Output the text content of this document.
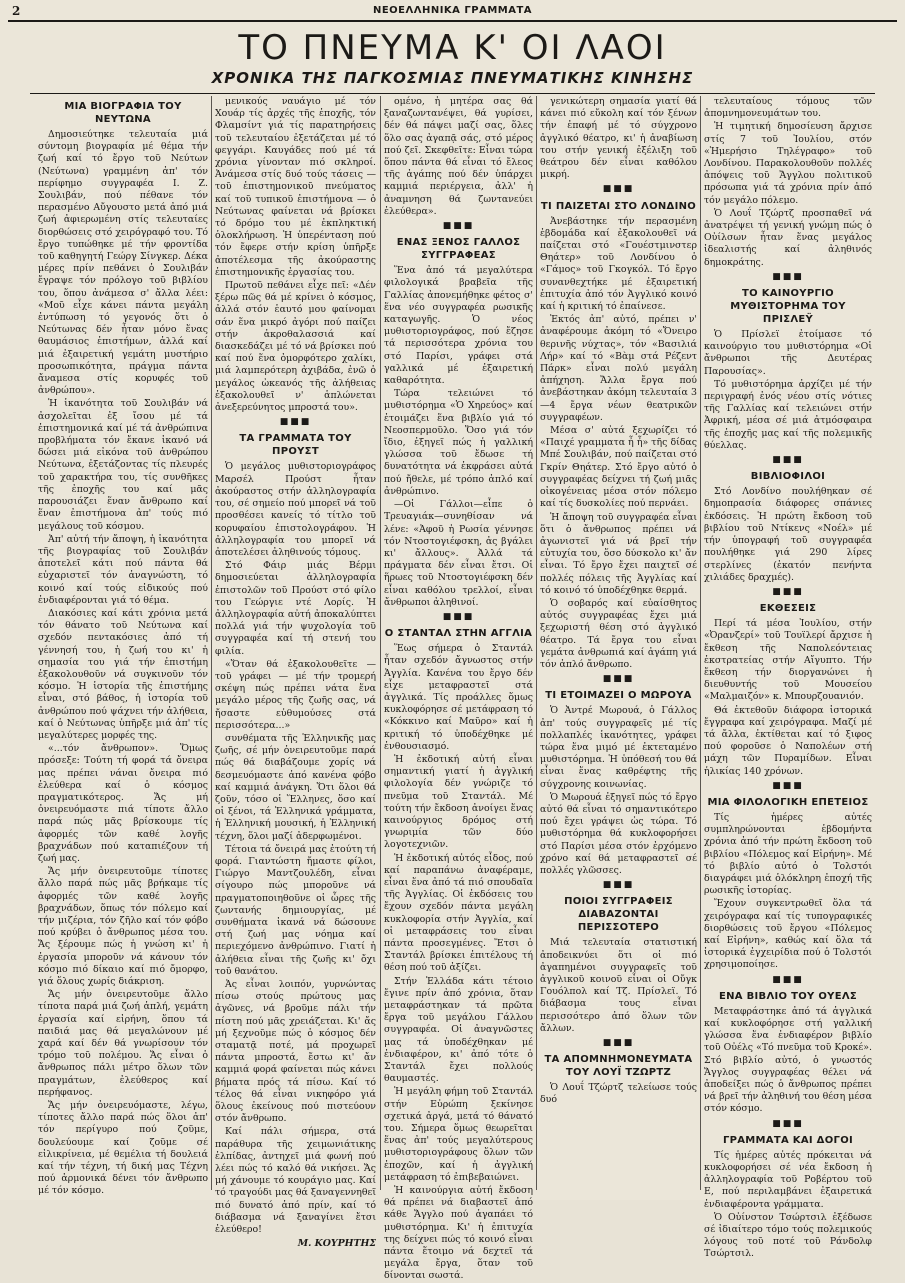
2	ΝΕΟΕΛΛΗΝΙΚΑ ΓΡΑΜΜΑΤΑ
ΤΟ ΠΝΕΥΜΑ Κ' ΟΙ ΛΑΟΙ
ΧΡΟΝΙΚΑ ΤΗΣ ΠΑΓΚΟΣΜΙΑΣ ΠΝΕΥΜΑΤΙΚΗΣ ΚΙΝΗΣΗΣ
ΜΙΑ ΒΙΟΓΡΑΦΙΑ ΤΟΥ ΝΕΥΤΩΝΑ

Δημοσιεύτηκε τελευταία μιά σύντομη βιογραφία μέ θέμα τήν ζωή καί τό ἔργο τοῦ Νεύτων (Νεύτωνα) γραμμένη ἀπ' τόν περίφημο συγγραφέα Ι. Ζ. Σουλιβάν, πού πέθανε τόν περασμένο Αὔγουστο μετά ἀπό μιά ζωή ἀφιερωμένη στίς τελευταίες διορθώσεις στό χειρόγραφό του. Τό ἔργο τυπώθηκε μέ τήν φροντίδα τοῦ καθηγητή Γεώργ Σίνγκερ. Δέκα μέρες πρίν πεθάνει ὁ Σουλιβάν ἔγραψε τόν πρόλογο τοῦ βιβλίου του, ὅπου ἀνάμεσα σ' ἄλλα λέει: «Μοῦ εἶχε κάνει πάντα μεγάλη ἐντύπωση τό γεγονός ὅτι ὁ Νεύτωνας δέν ἦταν μόνο ἕνας θαυμάσιος ἐπιστήμων, ἀλλά καί μιά ἐξαιρετική γεμάτη μυστήριο προσωπικότητα, πράγμα πάντα ἄναμεσα στίς κορυφές τοῦ ἀνθρώπου».

Ἡ ἱκανότητα τοῦ Σουλιβάν νά ἀσχολεῖται ἐξ ἴσου μέ τά ἐπιστημονικά καί μέ τά ἀνθρώπινα προβλήματα τόν ἔκανε ἱκανό νά δώσει μιά εἰκόνα τοῦ ἀνθρώπου Νεύτωνα, ἐξετάζοντας τίς πλευρές τοῦ χαρακτήρα του, τίς συνθῆκες τῆς ἐποχῆς του καί μᾶς παρουσιάζει ἕναν ἄνθρωπο καί ἕναν ἐπιστήμονα ἀπ' τούς πιό μεγάλους τοῦ κόσμου.

Ἀπ' αὐτή τήν ἄποψη, ἡ ἱκανότητα τῆς βιογραφίας τοῦ Σουλιβάν ἀποτελεῖ κάτι πού πάντα θά εὐχαριστεῖ τόν ἀναγνώστη, τό κοινό καί τούς εἰδικούς πού ἐνδιαφέρονται γιά τό θέμα.

Διακόσιες καί κάτι χρόνια μετά τόν θάνατο τοῦ Νεύτωνα καί σχεδόν πεντακόσιες ἀπό τή γέννησή του, ἡ ζωή του κι' ἡ σημασία του γιά τήν ἐπιστήμη ἐξακολουθοῦν νά συγκινοῦν τόν κόσμο. Ἡ ἱστορία τῆς ἐπιστήμης εἶναι, στό βάθος, ἡ ἱστορία τοῦ ἀνθρώπου πού ψάχνει τήν ἀλήθεια, καί ὁ Νεύτωνας ὑπῆρξε μιά ἀπ' τίς μεγαλύτερες μορφές της.

«...τόν ἄνθρωπον». Ὅμως πρόσεξε: Τούτη τή φορά τά ὄνειρα μας πρέπει νάναι ὄνειρα πιό ἐλεύθερα καί ὁ κόσμος πραγματικότερος. Ἄς μή ὀνειρευόμαστε πιά τίποτε ἄλλο παρά πώς μᾶς βρίσκουμε τίς ἀφορμές τῶν καθέ λογῆς βραχνάδων πού καταπιέζουν τή ζωή μας.

Ἄς μήν ὀνειρευτοῦμε τίποτες ἄλλο παρά πώς μᾶς βρήκαμε τίς ἀφορμές τῶν καθέ λογῆς βραχνάδων, ὅπως τόν πόλεμο καί τήν μιζέρια, τόν ζῆλο καί τόν φόβο πού κρύβει ὁ ἄνθρωπος μέσα του. Ἄς ξέρουμε πώς ἡ γνώση κι' ἡ ἐργασία μποροῦν νά κάνουν τόν κόσμο πιό δίκαιο καί πιό ὄμορφο, γιά ὅλους χωρίς διάκριση.

Ἄς μήν ὀνειρευτοῦμε ἄλλο τίποτα παρά μιά ζωή ἁπλή, γεμάτη ἐργασία καί εἰρήνη, ὅπου τά παιδιά μας θά μεγαλώνουν μέ χαρά καί δέν θά γνωρίσουν τόν τρόμο τοῦ πολέμου. Ἄς εἶναι ὁ ἄνθρωπος πάλι μέτρο ὅλων τῶν πραγμάτων, ἐλεύθερος καί περήφανος.

Ἄς μήν ὀνειρευόμαστε, λέγω, τίποτες ἄλλο παρά πώς ὅλοι ἀπ' τόν περίγυρο πού ζοῦμε, δουλεύουμε καί ζοῦμε σέ εἰλικρίνεια, μέ θεμέλια τή δουλειά καί τήν τέχνη, τή δική μας Τέχνη πού ἁρμονικά δένει τόν ἄνθρωπο μέ τόν κόσμο.

μενικούς ναυάγιο μέ τόν Χουάρ τίς ἀρχές τῆς ἐποχῆς, τόν Φλαμσίντ γιά τίς παρατηρήσεις τοῦ τελευταίου ἐξετάζεται μέ τό φεγγάρι. Καυγάδες πού μέ τά χρόνια γίνονταν πιό σκληροί. Ἀνάμεσα στίς δυό τούς τάσεις — τοῦ ἐπιστημονικοῦ πνεύματος καί τοῦ τυπικοῦ ἐπιστήμονα — ὁ Νεύτωνας φαίνεται νά βρίσκει τό δρόμο του μέ ἐκπληκτική ὁλοκλήρωση. Ἡ ὑπερένταση πού τόν ἔφερε στήν κρίση ὑπῆρξε ἀποτέλεσμα τῆς ἀκούραστης ἐπιστημονικῆς ἐργασίας του.

Πρωτοῦ πεθάνει εἶχε πεῖ: «Δέν ξέρω πῶς θά μέ κρίνει ὁ κόσμος, ἀλλά στόν ἑαυτό μου φαίνομαι σάν ἕνα μικρό ἀγόρι πού παίζει στήν ἀκροθαλασσιά καί διασκεδάζει μέ τό νά βρίσκει πού καί πού ἕνα ὀμορφότερο χαλίκι, μιά λαμπερότερη ἀχιβάδα, ἐνῶ ὁ μεγάλος ὠκεανός τῆς ἀλήθειας ἐξακολουθεῖ ν' ἁπλώνεται ἀνεξερεύνητος μπροστά του».

■■■
ΤΑ ΓΡΑΜΜΑΤΑ ΤΟΥ ΠΡΟΥΣΤ

Ὁ μεγάλος μυθιστοριογράφος Μαρσέλ Προύστ ἦταν ἀκούραστος στήν ἀλληλογραφία του, σέ σημείο πού μπορεῖ νά τοῦ προσθέσει κανείς τό τίτλο τοῦ κορυφαίου ἐπιστολογράφου. Ἡ ἀλληλογραφία του μπορεῖ νά ἀποτελέσει ἀληθινούς τόμους.

Στό Φάιρ μιάς Βέρμι δημοσιεύεται ἀλληλογραφία ἐπιστολῶν τοῦ Προύστ στό φίλο του Γεώργιε ντέ Λορίς. Ἡ ἀλληλογραφία αὐτή ἀποκαλύπτει πολλά γιά τήν ψυχολογία τοῦ συγγραφέα καί τή στενή του φιλία.

«Ὅταν θά ἐξακολουθεῖτε — τοῦ γράφει — μέ τήν τρομερή σκέψη πώς πρέπει νάτα ἕνα μεγάλο μέρος τῆς ζωῆς σας, νά ἤσαστε εὐθυμούσες στά περισσότερα...»

συνθέματα τῆς Ἑλληνικῆς μας ζωῆς, σέ μήν ὀνειρευτοῦμε παρά πώς θά διαβάζουμε χορίς νά δεσμευόμαστε ἀπό κανένα φόβο καί καμμιά ἀνάγκη. Ὅτι ὅλοι θά ζοῦν, τόσο οἱ Ἕλληνες, ὅσο καί οἱ ξένοι, τά Ἑλληνικά γράμματα, ἡ Ἑλληνική μουσική, ἡ Ἑλληνική τέχνη, ὅλοι μαζί ἀδερφωμένοι.

Τέτοια τά ὄνειρά μας ἐτούτη τή φορά. Γιαντώστη ἤμαστε φίλοι, Γιώργο Μαντζουλέδη, εἶναι σίγουρο πώς μποροῦνε νά πραγματοποιηθοῦνε οἱ ὧρες τῆς ζωντανής δημιουργίας, μέ συνθήματα ἱκανά νά δώσουνε στή ζωή μας νόημα καί περιεχόμενο ἀνθρώπινο. Γιατί ἡ ἀλήθεια εἶναι τῆς ζωῆς κι' ὄχι τοῦ θανάτου.

Ἀς εἶναι λοιπόν, γυρνώντας πίσω στούς πρώτους μας ἀγῶνες, νά βροῦμε πάλι τήν πίστη πού μᾶς χρειάζεται. Κι' ἄς μή ξεχνοῦμε πώς ὁ κόσμος δέν σταματᾷ ποτέ, μά προχωρεῖ πάντα μπροστά, ἔστω κι' ἄν καμμιά φορά φαίνεται πώς κάνει βήματα πρός τά πίσω. Καί τό τέλος θά εἶναι νικηφόρο γιά ὅλους ἐκείνους πού πιστεύουν στόν ἄνθρωπο.

Καί πάλι σήμερα, στά παράθυρα τῆς χειμωνιάτικης ἐλπίδας, ἀντηχεῖ μιά φωνή πού λέει πώς τό καλό θά νικήσει. Ἄς μή χάνουμε τό κουράγιο μας. Καί τό τραγούδι μας θά ξαναγεννηθεῖ πιό δυνατό ἀπό πρίν, καί τό διάβασμα νά ξαναγίνει ἔτσι ἐλεύθερο!

Μ. ΚΟΥΡΗΤΗΣ

ομένο, ἡ μητέρα σας θά ξαναζωντανέψει, θά γυρίσει, δέν θά πάψει μαζί σας, ὅλες ὅλο σας ἀγαπᾷ σάς, στό μέρος πού ζεῖ. Σκεφθεῖτε: Εἶναι τώρα ὅπου πάντα θά εἶναι τό ἔλεος τῆς ἀγάπης πού δέν ὑπάρχει καμμιά περιέργεια, ἀλλ' ἡ ἀναμνηση θά ζωντανεύει ἐλεύθερα».

■■■
ΕΝΑΣ ΞΕΝΟΣ ΓΑΛΛΟΣ ΣΥΓΓΡΑΦΕΑΣ

Ἕνα ἀπό τά μεγαλύτερα φιλολογικά βραβεῖα τῆς Γαλλίας ἀπονεμήθηκε φέτος σ' ἕνα νέο συγγραφέα ρωσικῆς καταγωγῆς. Ὁ νέος μυθιστοριογράφος, πού ἔζησε τά περισσότερα χρόνια του στό Παρίσι, γράφει στά γαλλικά μέ ἐξαιρετική καθαρότητα.

Τώρα τελειώνει τό μυθιστόρημα «Ὁ Χηρεύος» καί ἑτοιμάζει ἕνα βιβλίο γιά τό Νεοσπερμοῦλο. Ὅσο γιά τόν ἴδιο, ἐξηγεῖ πώς ἡ γαλλική γλώσσα τοῦ ἔδωσε τή δυνατότητα νά ἐκφράσει αὐτά πού ἤθελε, μέ τρόπο ἁπλό καί ἀνθρώπινο.

—Οἱ Γάλλοι—εἶπε ὁ Τρευαγιάκ—συνηθίσαν νά λένε: «Ἀφοῦ ἡ Ρωσία γέννησε τόν Ντοστογιέφσκη, ἀς βγάλει κι' ἄλλους». Ἀλλά τά πράγματα δέν εἶναι ἔτσι. Οἱ ἥρωες τοῦ Ντοστογιέφσκη δέν εἶναι καθόλου τρελλοί, εἶναι ἄνθρωποι ἀληθινοί.

■■■
Ο ΣΤΑΝΤΑΛ ΣΤΗΝ ΑΓΓΛΙΑ

Ἕως σήμερα ὁ Σταντάλ ἦταν σχεδόν ἄγνωστος στήν Ἀγγλία. Κανένα του ἔργο δέν εἶχε μεταφραστεῖ στά ἀγγλικά. Τίς προάλλες ὅμως κυκλοφόρησε σέ μετάφραση τό «Κόκκινο καί Μαῦρο» καί ἡ κριτική τό ὑποδέχθηκε μέ ἐνθουσιασμό.

Ἡ ἐκδοτική αὐτή εἶναι σημαντική γιατί ἡ ἀγγλική φιλολογία δέν γνώριζε τό πνεῦμα τοῦ Σταντάλ. Μέ τούτη τήν ἔκδοση ἀνοίγει ἕνας καινούργιος δρόμος στή γνωριμία τῶν δύο λογοτεχνιῶν.

Ἡ ἐκδοτική αὐτός εἶδος, πού καί παραπάνω ἀναφέραμε, εἶναι ἕνα ἀπό τά πιό σπουδαῖα τῆς Ἀγγλίας. Οἱ ἐκδόσεις του ἔχουν σχεδόν πάντα μεγάλη κυκλοφορία στήν Ἀγγλία, καί οἱ μεταφράσεις του εἶναι πάντα προσεγμένες. Ἔτσι ὁ Σταντάλ βρίσκει ἐπιτέλους τή θέση πού τοῦ ἀξίζει.

Στήν Ἑλλάδα κάτι τέτοιο ἔγινε πρίν ἀπό χρόνια, ὅταν μεταφράστηκαν τά πρῶτα ἔργα τοῦ μεγάλου Γάλλου συγγραφέα. Οἱ ἀναγνῶστες μας τά ὑποδέχθηκαν μέ ἐνδιαφέρον, κι' ἀπό τότε ὁ Σταντάλ ἔχει πολλούς θαυμαστές.

Ἡ μεγάλη φήμη τοῦ Σταντάλ στήν Εὐρώπη ξεκίνησε σχετικά ἀργά, μετά τό θάνατό του. Σήμερα ὅμως θεωρεῖται ἕνας ἀπ' τούς μεγαλύτερους μυθιστοριογράφους ὅλων τῶν ἐποχῶν, καί ἡ ἀγγλική μετάφραση τό ἐπιβεβαιώνει.

Ἡ καινούργια αὐτή ἔκδοση θά πρέπει νά διαβαστεῖ ἀπό κάθε Ἄγγλο πού ἀγαπάει τό μυθιστόρημα. Κι' ἡ ἐπιτυχία της δείχνει πώς τό κοινό εἶναι πάντα ἕτοιμο νά δεχτεῖ τά μεγάλα ἔργα, ὅταν τοῦ δίνονται σωστά.

γενικώτερη σημασία γιατί θά κάνει πιό εὔκολη καί τόν ξένων τήν ἐπαφή μέ τό σύγχρονο ἀγγλικό θέατρο, κι' ἡ ἀναβίωση του στήν γενική ἐξέλιξη τοῦ θεάτρου δέν εἶναι καθόλου μικρή.

■■■
ΤΙ ΠΑΙΖΕΤΑΙ ΣΤΟ ΛΟΝΔΙΝΟ

Ἀνεβάστηκε τήν περασμένη ἑβδομάδα καί ἐξακολουθεῖ νά παίζεται στό «Γουέστμινστερ Θηάτερ» τοῦ Λονδίνου ὁ «Γάμος» τοῦ Γκογκόλ. Τό ἔργο συνανθεχτήκε μέ ἐξαιρετική ἐπιτυχία ἀπό τόν Ἀγγλικό κοινό καί ἡ κριτική τό ἐπαίνεσε.

Ἐκτός ἀπ' αὐτό, πρέπει ν' ἀναφέρουμε ἀκόμη τό «Ὄνειρο θερινῆς νύχτας», τόν «Βασιλιά Λήρ» καί τό «Βὰμ στά Ρέζεντ Πάρκ» εἶναι πολύ μεγάλη ἀπήχηση. Ἄλλα ἔργα πού ἀνεβάστηκαν ἀκόμη τελευταία 3—4 ἔργα νέων θεατρικῶν συγγραφέων.

Μέσα σ' αὐτά ξεχωρίζει τό «Παιχέ γραμματα ἦ ἦ» τῆς δίδας Μπέ Σουλιβάν, πού παίζεται στό Γκρίν Θηάτερ. Στό ἔργο αὐτό ὁ συγγραφέας δείχνει τή ζωή μιᾶς οἰκογένειας μέσα στόν πόλεμο καί τίς δυσκολίες πού περνάει.

Ἡ ἄποψη τοῦ συγγραφέα εἶναι ὅτι ὁ ἄνθρωπος πρέπει νά ἀγωνιστεῖ γιά νά βρεῖ τήν εὐτυχία του, ὅσο δύσκολο κι' ἄν εἶναι. Τό ἔργο ἔχει παιχτεῖ σέ πολλές πόλεις τῆς Ἀγγλίας καί τό κοινό τό ὑποδέχθηκε θερμά.

Ὁ σοβαρός καί εὐαίσθητος αὐτός συγγραφέας ἔχει μιά ξεχωριστή θέση στό ἀγγλικό θέατρο. Τά ἔργα του εἶναι γεμάτα ἀνθρωπιά καί ἀγάπη γιά τόν ἁπλό ἄνθρωπο.

■■■
ΤΙ ΕΤΟΙΜΑΖΕΙ Ο ΜΩΡΟΥΑ

Ὁ Ἀντρέ Μωρουά, ὁ Γάλλος ἀπ' τούς συγγραφεῖς μέ τίς πολλαπλές ἱκανότητες, γράφει τώρα ἕνα μιμό μέ ἐκτεταμένο μυθιστόρημα. Ἡ ὑπόθεσή του θά εἶναι ἕνας καθρέφτης τῆς σύγχρονης κοινωνίας.

Ὁ Μωρουά ἐξηγεῖ πώς τό ἔργο αὐτό θά εἶναι τό σημαντικότερο πού ἔχει γράψει ὡς τώρα. Τό μυθιστόρημα θά κυκλοφορήσει στό Παρίσι μέσα στόν ἐρχόμενο χρόνο καί θά μεταφραστεῖ σέ πολλές γλῶσσες.

■■■
ΠΟΙΟΙ ΣΥΓΓΡΑΦΕΙΣ ΔΙΑΒΑΖΟΝΤΑΙ ΠΕΡΙΣΣΟΤΕΡΟ

Μιά τελευταία στατιστική ἀποδεικνύει ὅτι οἱ πιό ἀγαπημένοι συγγραφεῖς τοῦ ἀγγλικοῦ κοινοῦ εἶναι οἱ Οὔγκ Γουόλπολ καί Τζ. Πρίσλεϊ. Τό διάβασμα τους εἶναι περισσότερο ἀπό ὅλων τῶν ἄλλων.

■■■
ΤΑ ΑΠΟΜΝΗΜΟΝΕΥΜΑΤΑ ΤΟΥ ΛΟΥΪ ΤΖΩΡΤΖ

Ὁ Λουΐ Τζώρτζ τελείωσε τούς δυό

τελευταίους τόμους τῶν ἀπομνημονευμάτων του.

Ἡ τιμητική δημοσίευση ἄρχισε στίς 7 τοῦ Ἰουλίου, στόν «Ἡμερήσιο Τηλέγραφο» τοῦ Λονδίνου. Παρακολουθοῦν πολλές ἀπόψεις τοῦ Ἄγγλου πολιτικοῦ πρόσωπα γιά τά χρόνια πρίν ἀπό τόν μεγάλο πόλεμο.

Ὁ Λουΐ Τζώρτζ προσπαθεῖ νά ἀνατρέψει τή γενική γνώμη πώς ὁ Οὐίλσων ἦταν ἕνας μεγάλος ἰδεαλιστής καί ἀληθινός δημοκράτης.

■■■
ΤΟ ΚΑΙΝΟΥΡΓΙΟ ΜΥΘΙΣΤΟΡΗΜΑ ΤΟΥ ΠΡΙΣΛΕΫ

Ὁ Πρίσλεϊ ἐτοίμασε τό καινούργιο του μυθιστόρημα «Οἱ ἄνθρωποι τῆς Δευτέρας Παρουσίας».

Τό μυθιστόρημα ἀρχίζει μέ τήν περιγραφή ἑνός νέου στίς νότιες τῆς Γαλλίας καί τελειώνει στήν Ἀφρική, μέσα σέ μιά ἀτμόσφαιρα τῆς ἐποχῆς μας καί τῆς πολεμικῆς θύελλας.

■■■
ΒΙΒΛΙΟΦΙΛΟΙ

Στό Λονδίνο πουλήθηκαν σέ δημοπρασία διάφορες σπάνιες ἐκδόσεις. Ἡ πρώτη ἔκδοση τοῦ βιβλίου τοῦ Ντίκενς «Νοέλ» μέ τήν ὑπογραφή τοῦ συγγραφέα πουλήθηκε γιά 290 λίρες στερλίνες (ἑκατόν πενήντα χιλιάδες δραχμές).

■■■
ΕΚΘΕΣΕΙΣ

Περί τά μέσα Ἰουλίου, στήν «Ὀρανζερί» τοῦ Τουϊλερί ἄρχισε ἡ ἔκθεση τῆς Ναπολεόντειας ἐκστρατείας στήν Αἴγυπτο. Τήν ἔκθεση τήν διοργανώνει ἡ διευθυντής τοῦ Μουσείου «Μαλμαιζόν» κ. Μπουρζουανιόν.

Θά ἐκτεθοῦν διάφορα ἱστορικά ἔγγραφα καί χειρόγραφα. Μαζί μέ τά ἄλλα, ἐκτίθεται καί τό ξιφος πού φοροῦσε ὁ Ναπολέων στή μάχη τῶν Πυραμίδων. Εἶναι ἡλικίας 140 χρόνων.

■■■
ΜΙΑ ΦΙΛΟΛΟΓΙΚΗ ΕΠΕΤΕΙΟΣ

Τίς ἡμέρες αὐτές συμπληρώνονται ἑβδομήντα χρόνια ἀπό τήν πρώτη ἔκδοση τοῦ βιβλίου «Πόλεμος καί Εἰρήνη». Μέ τό βιβλίο αὐτό ὁ Τολστόι διαγράφει μιά ὁλόκληρη ἐποχή τῆς ρωσικῆς ἱστορίας.

Ἔχουν συγκεντρωθεῖ ὅλα τά χειρόγραφα καί τίς τυπογραφικές διορθώσεις τοῦ ἔργου «Πόλεμος καί Εἰρήνη», καθώς καί ὅλα τά ἱστορικά ἐγχειρίδια πού ὁ Τολστόι χρησιμοποίησε.

■■■
ΕΝΑ ΒΙΒΛΙΟ ΤΟΥ ΟΥΕΛΣ

Μεταφράστηκε ἀπό τά ἀγγλικά καί κυκλοφόρησε στή γαλλική γλώσσα ἕνα ἐνδιαφέρον βιβλίο τοῦ Οὐέλς «Τό πνεῦμα τοῦ Κροκέ». Στό βιβλίο αὐτό, ὁ γνωστός Ἄγγλος συγγραφέας θέλει νά ἀποδείξει πώς ὁ ἄνθρωπος πρέπει νά βρεῖ τήν ἀληθινή του θέση μέσα στόν κόσμο.

■■■
ΓΡΑΜΜΑΤΑ ΚΑΙ ΔΟΓΟΙ

Τίς ἡμέρες αὐτές πρόκειται νά κυκλοφορήσει σέ νέα ἔκδοση ἡ ἀλληλογραφία τοῦ Ροβέρτου τοῦ Ε, πού περιλαμβάνει ἐξαιρετικά ἐνδιαφέροντα γράμματα.

Ὁ Οὐίνστον Τσώρτσιλ ἐξέδωσε σέ ἰδιαίτερο τόμο τούς πολεμικούς λόγους τοῦ ποτέ τοῦ Ράνδολφ Τσώρτσιλ.
